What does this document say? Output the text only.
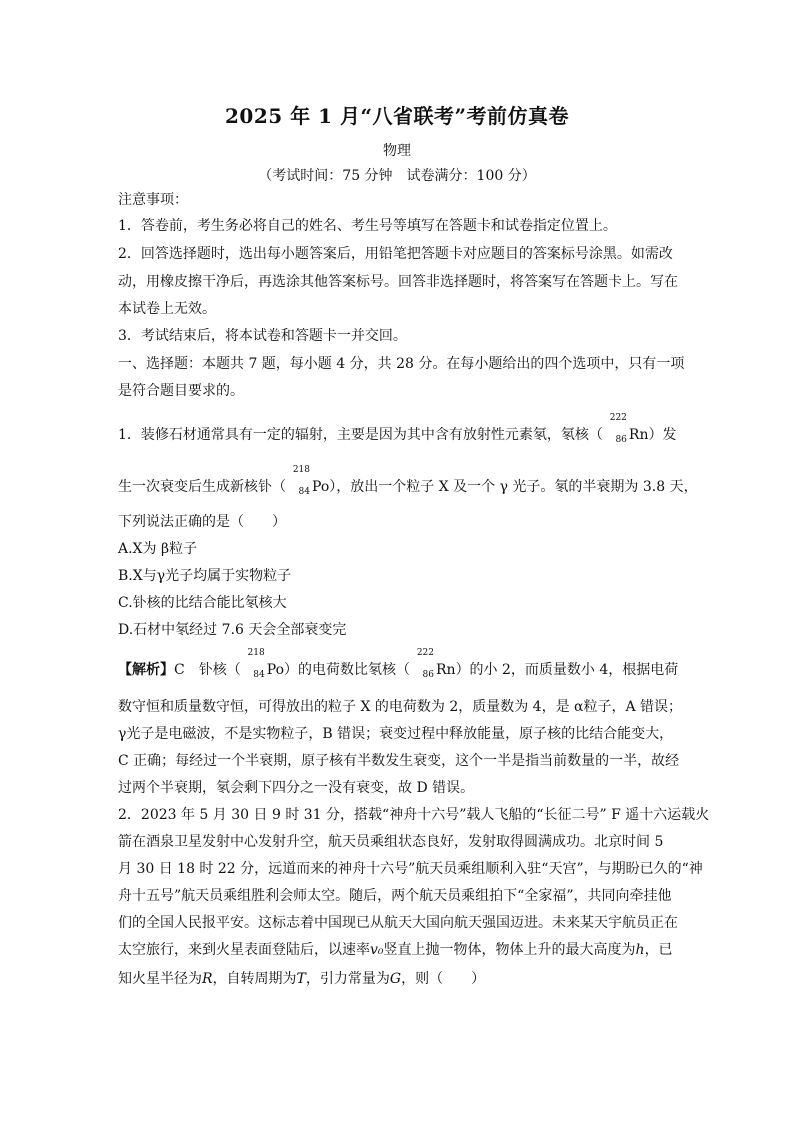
2025 年 1 月“八省联考”考前仿真卷
物理
（考试时间：75 分钟　试卷满分：100 分）
注意事项：
1．答卷前，考生务必将自己的姓名、考生号等填写在答题卡和试卷指定位置上。
2．回答选择题时，选出每小题答案后，用铅笔把答题卡对应题目的答案标号涂黑。如需改
动，用橡皮擦干净后，再选涂其他答案标号。回答非选择题时，将答案写在答题卡上。写在
本试卷上无效。
3．考试结束后，将本试卷和答题卡一并交回。
一、选择题：本题共 7 题，每小题 4 分，共 28 分。在每小题给出的四个选项中，只有一项
是符合题目要求的。
1．装修石材通常具有一定的辐射，主要是因为其中含有放射性元素氡，氡核（
222
86 Rn）发
生一次衰变后生成新核钋（
218
84 Po），放出一个粒子 X 及一个 γ 光子。氡的半衰期为 3.8 天，
下列说法正确的是（　　）
A.X为 β粒子
B.X与γ光子均属于实物粒子
C.钋核的比结合能比氡核大
D.石材中氡经过 7.6 天会全部衰变完
【解析】C　钋核（
218
84 Po）的电荷数比氡核（
222
86 Rn）的小 2，而质量数小 4，根据电荷
数守恒和质量数守恒，可得放出的粒子 X 的电荷数为 2，质量数为 4，是 α粒子，A 错误；
γ光子是电磁波，不是实物粒子，B 错误；衰变过程中释放能量，原子核的比结合能变大，
C 正确；每经过一个半衰期，原子核有半数发生衰变，这个一半是指当前数量的一半，故经
过两个半衰期，氡会剩下四分之一没有衰变，故 D 错误。
2．2023 年 5 月 30 日 9 时 31 分，搭载“神舟十六号”载人飞船的“长征二号” F 遥十六运载火
箭在酒泉卫星发射中心发射升空，航天员乘组状态良好，发射取得圆满成功。北京时间 5
月 30 日 18 时 22 分，远道而来的神舟十六号”航天员乘组顺利入驻“天宫”，与期盼已久的“神
舟十五号”航天员乘组胜利会师太空。随后，两个航天员乘组拍下“全家福”，共同向牵挂他
们的全国人民报平安。这标志着中国现已从航天大国向航天强国迈进。未来某天宇航员正在
太空旅行，来到火星表面登陆后，以速率v₀竖直上抛一物体，物体上升的最大高度为h，已
知火星半径为R，自转周期为T，引力常量为G，则（　　）
